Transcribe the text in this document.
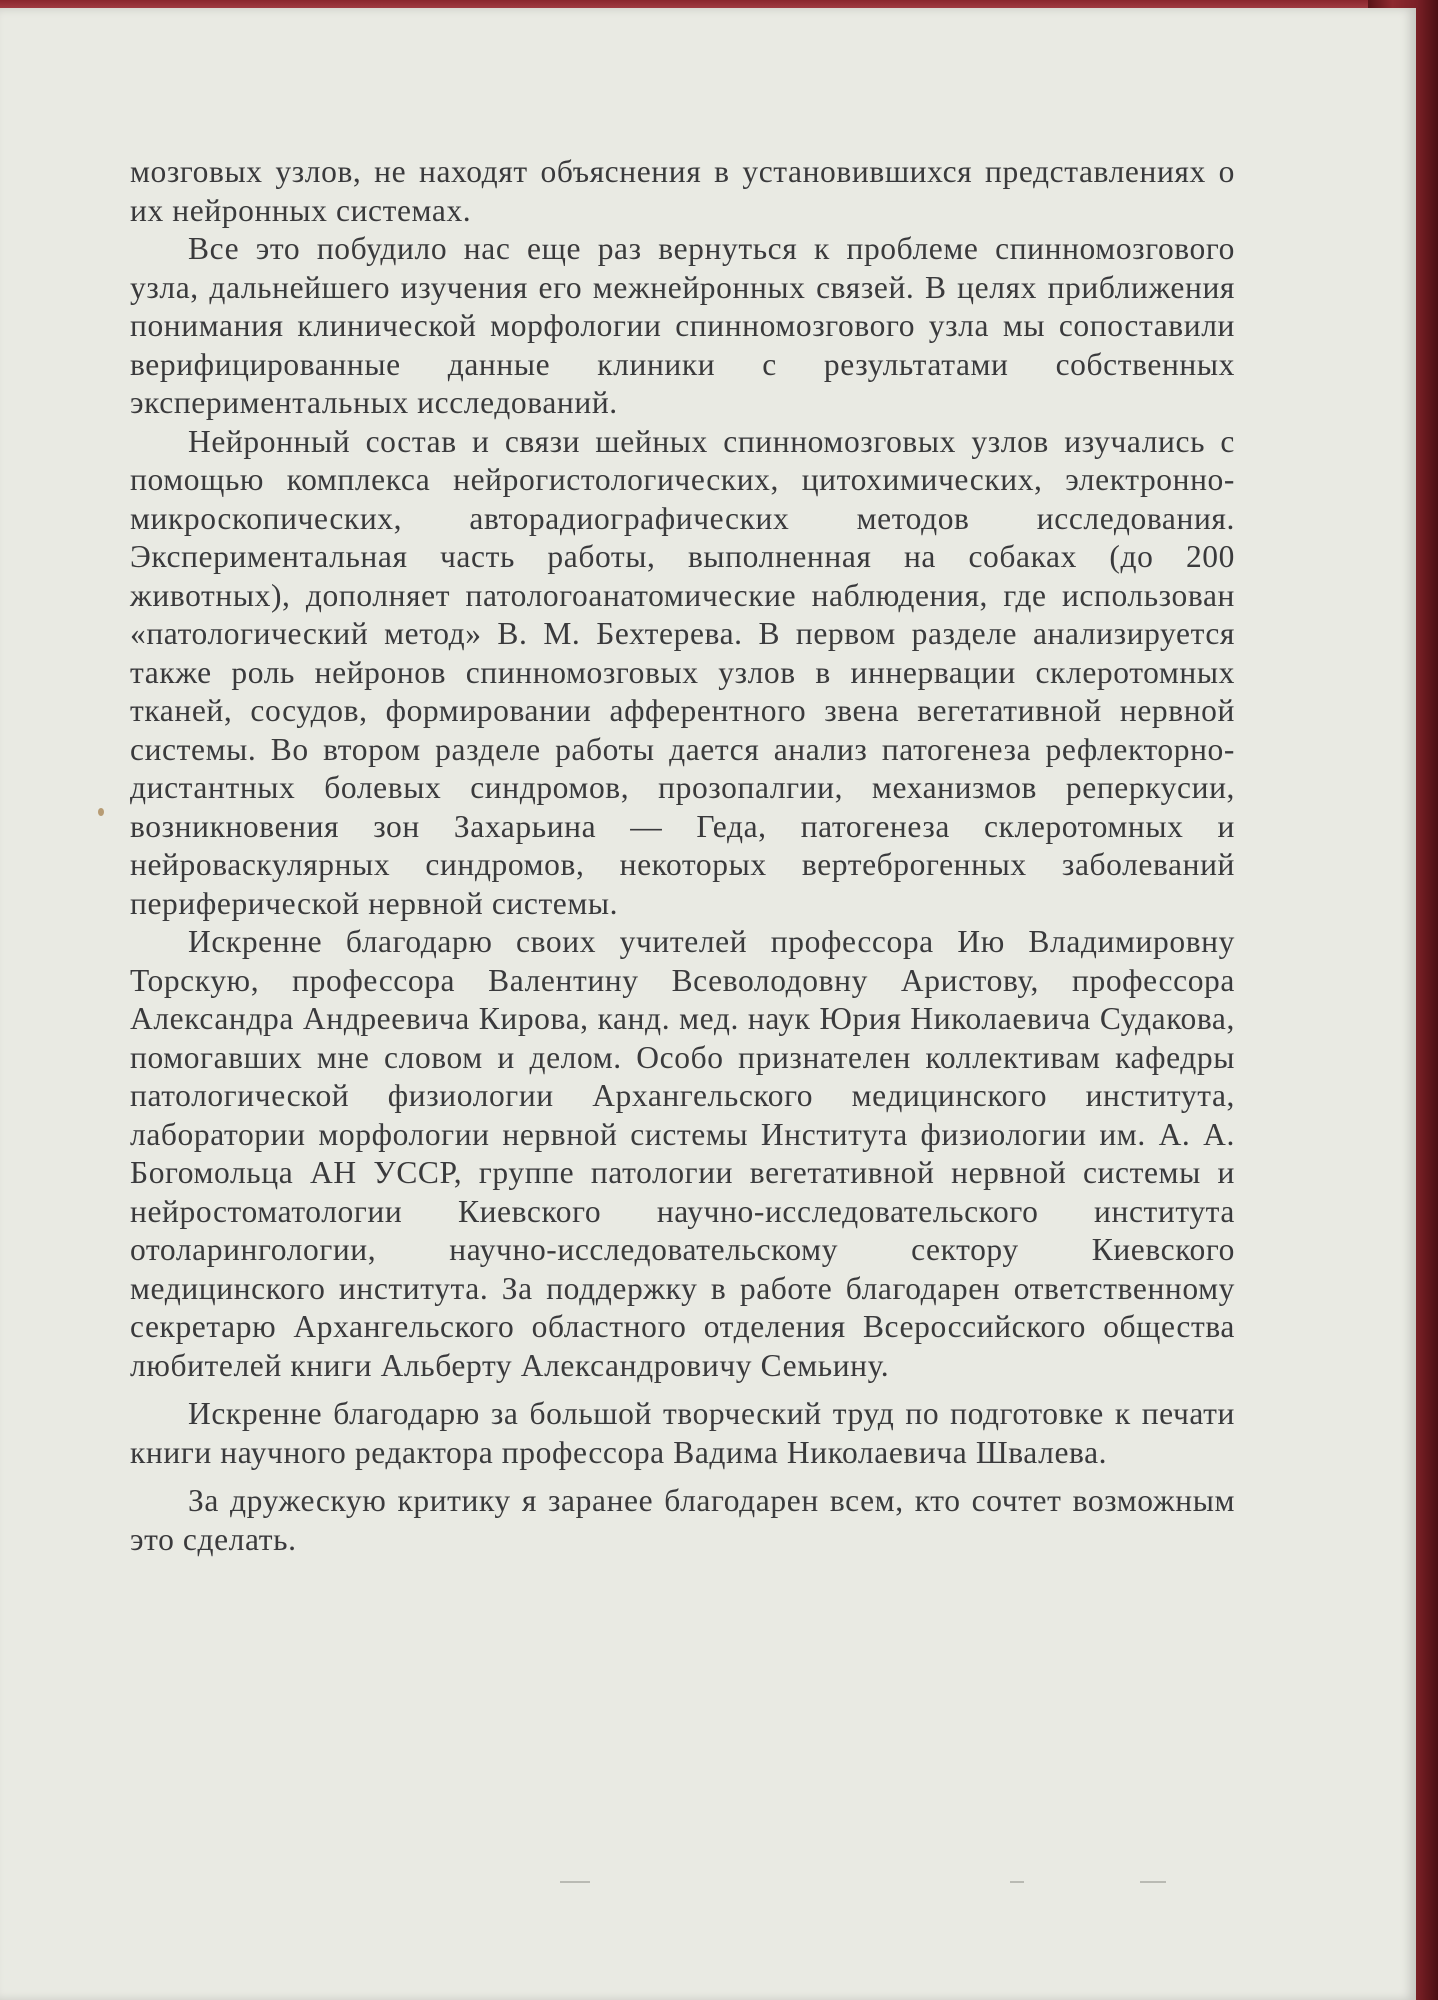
мозговых узлов, не находят объяснения в установившихся представлениях о их нейронных системах.

Все это побудило нас еще раз вернуться к проблеме спинномозгового узла, дальнейшего изучения его межнейронных связей. В целях приближения понимания клинической морфологии спинномозгового узла мы сопоставили верифицированные данные клиники с результатами собственных экспериментальных исследований.

Нейронный состав и связи шейных спинномозговых узлов изучались с помощью комплекса нейрогистологических, цитохимических, электронно-микроскопических, авторадиографических методов исследования. Экспериментальная часть работы, выполненная на собаках (до 200 животных), дополняет патологоанатомические наблюдения, где использован «патологический метод» В. М. Бехтерева. В первом разделе анализируется также роль нейронов спинномозговых узлов в иннервации склеротомных тканей, сосудов, формировании афферентного звена вегетативной нервной системы. Во втором разделе работы дается анализ патогенеза рефлекторно-дистантных болевых синдромов, прозопалгии, механизмов реперкусии, возникновения зон Захарьина — Геда, патогенеза склеротомных и нейроваскулярных синдромов, некоторых вертеброгенных заболеваний периферической нервной системы.

Искренне благодарю своих учителей профессора Ию Владимировну Торскую, профессора Валентину Всеволодовну Аристову, профессора Александра Андреевича Кирова, канд. мед. наук Юрия Николаевича Судакова, помогавших мне словом и делом. Особо признателен коллективам кафедры патологической физиологии Архангельского медицинского института, лаборатории морфологии нервной системы Института физиологии им. А. А. Богомольца АН УССР, группе патологии вегетативной нервной системы и нейростоматологии Киевского научно-исследовательского института отоларингологии, научно-исследовательскому сектору Киевского медицинского института. За поддержку в работе благодарен ответственному секретарю Архангельского областного отделения Всероссийского общества любителей книги Альберту Александровичу Семьину.

Искренне благодарю за большой творческий труд по подготовке к печати книги научного редактора профессора Вадима Николаевича Швалева.

За дружескую критику я заранее благодарен всем, кто сочтет возможным это сделать.
